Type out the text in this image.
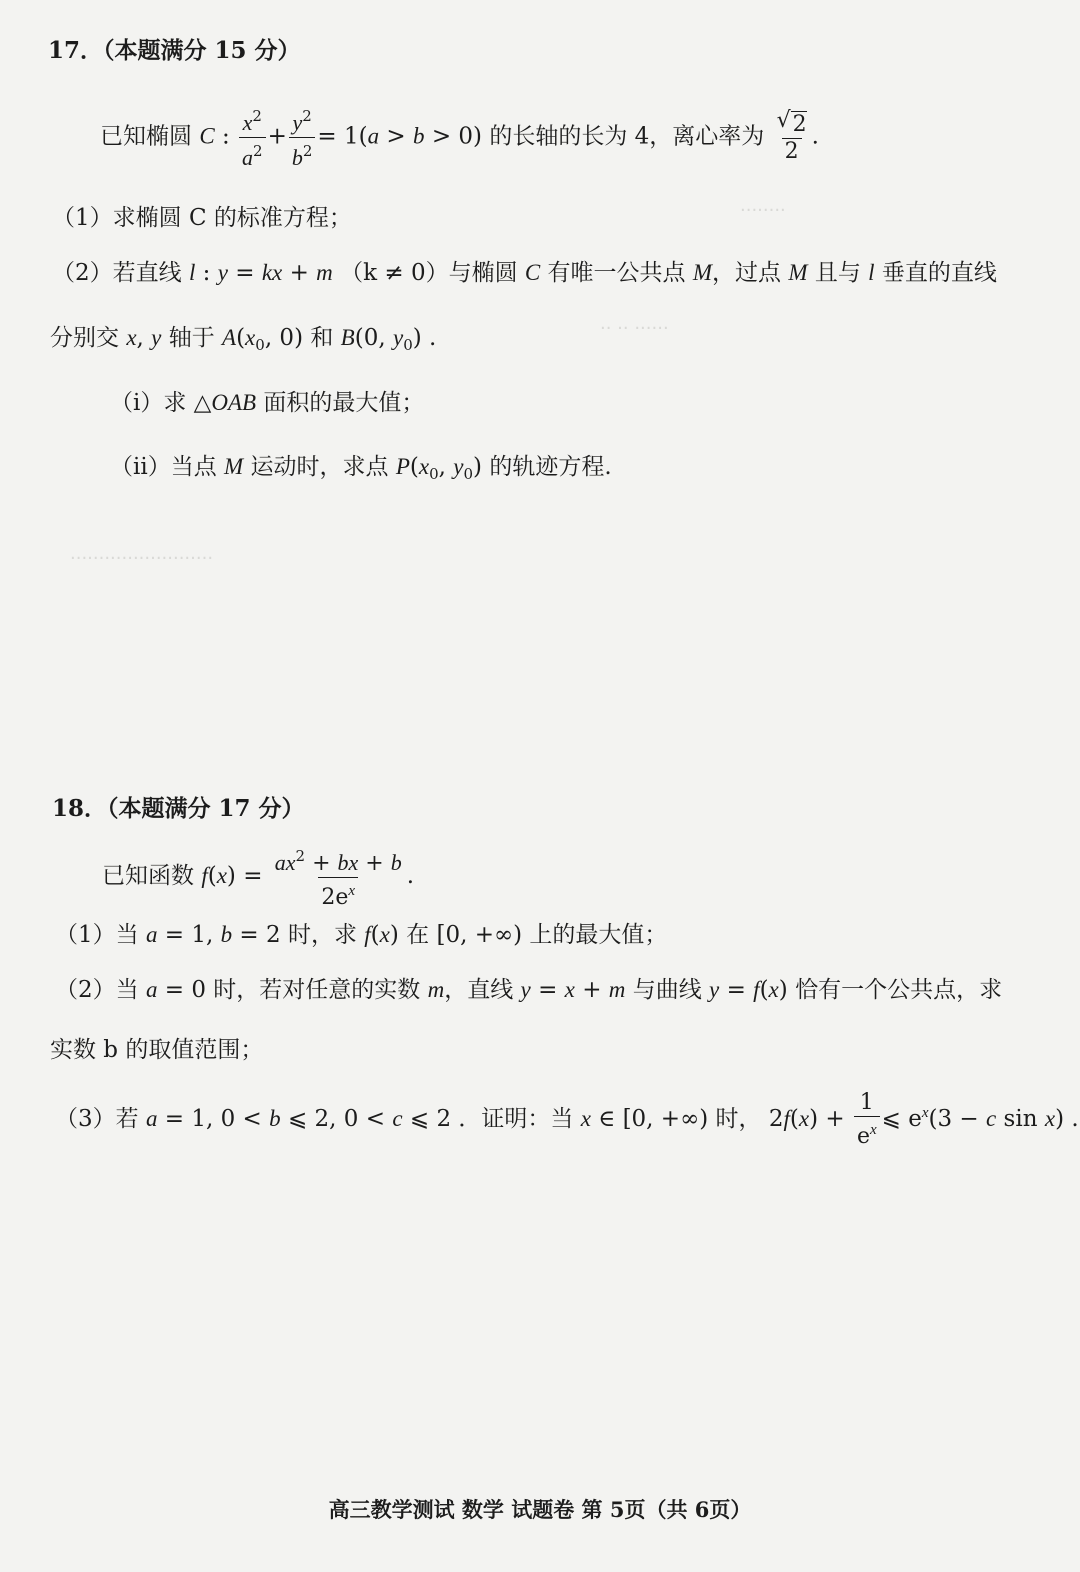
········
·· ·· ······
·························
17．（本题满分 15 分）
已知椭圆 C : $\frac{x^2}{a^2} + \frac{y^2}{b^2} = 1(a > b > 0)$ 的长轴的长为 4，离心率为
√ $\frac{2}{2}$ .
（1）求椭圆 C 的标准方程；
（2）若直线 l : y = kx + m （k ≠ 0）与椭圆 C 有唯一公共点 M，过点 M 且与 l 垂直的直线
分别交 x, y 轴于 $A(x_0$, 0) 和 B(0, $y_0$) .
（i）求 △OAB 面积的最大值；
（ii）当点 M 运动时，求点 $P(x_0$, $y_0$) 的轨迹方程.
18．（本题满分 17 分）
已知函数 $f(x) = \frac{ax^2 + bx + b}{2e^x}$ .
（1）当 a = 1, b = 2 时，求 f(x) 在 [0, +∞) 上的最大值；
（2）当 a = 0 时，若对任意的实数 m，直线 y = x + m 与曲线 y = f(x) 恰有一个公共点，求
实数 b 的取值范围；
（3）若 a = 1, 0 < b ⩽ 2, 0 < c ⩽ 2 ．证明：当 x ∈ [0, +∞) 时， $2f(x) + \frac{1}{e^x}$ ⩽ $e^x(3 - c$ sin x) .
高三教学测试 数学 试题卷 第 5页（共 6页）
